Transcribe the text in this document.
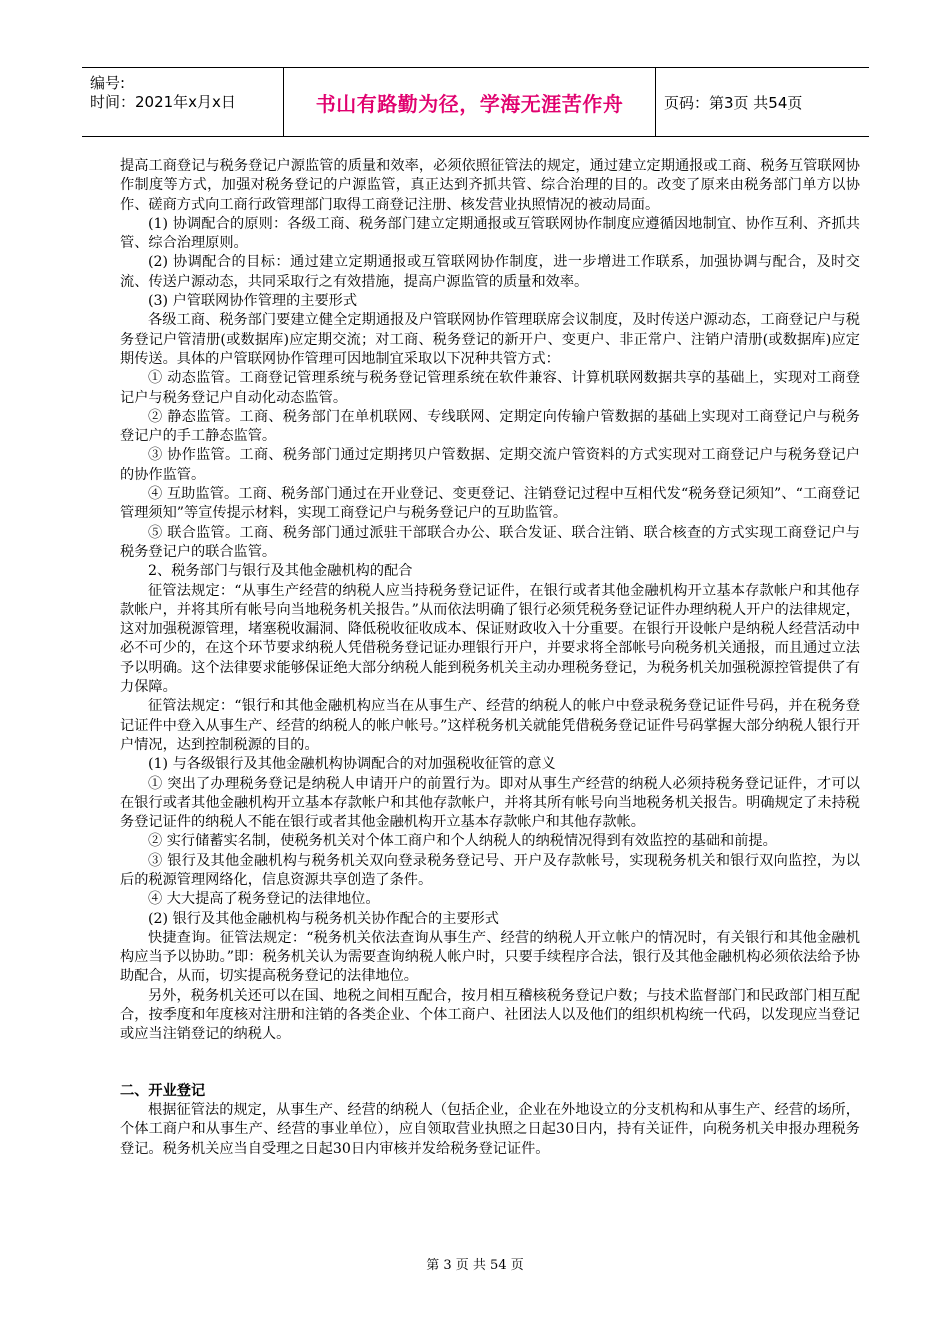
编号:
时间：2021年x月x日	书山有路勤为径，学海无涯苦作舟	页码：第3页 共54页

提高工商登记与税务登记户源监管的质量和效率，必须依照征管法的规定，通过建立定期通报或工商、税务互管联网协作制度等方式，加强对税务登记的户源监管，真正达到齐抓共管、综合治理的目的。改变了原来由税务部门单方以协作、磋商方式向工商行政管理部门取得工商登记注册、核发营业执照情况的被动局面。

(1) 协调配合的原则：各级工商、税务部门建立定期通报或互管联网协作制度应遵循因地制宜、协作互利、齐抓共管、综合治理原则。

(2) 协调配合的目标：通过建立定期通报或互管联网协作制度，进一步增进工作联系，加强协调与配合，及时交流、传送户源动态，共同采取行之有效措施，提高户源监管的质量和效率。

(3) 户管联网协作管理的主要形式

各级工商、税务部门要建立健全定期通报及户管联网协作管理联席会议制度，及时传送户源动态，工商登记户与税务登记户管清册(或数据库)应定期交流；对工商、税务登记的新开户、变更户、非正常户、注销户清册(或数据库)应定期传送。具体的户管联网协作管理可因地制宜采取以下况种共管方式：

① 动态监管。工商登记管理系统与税务登记管理系统在软件兼容、计算机联网数据共享的基础上，实现对工商登记户与税务登记户自动化动态监管。

② 静态监管。工商、税务部门在单机联网、专线联网、定期定向传输户管数据的基础上实现对工商登记户与税务登记户的手工静态监管。

③ 协作监管。工商、税务部门通过定期拷贝户管数据、定期交流户管资料的方式实现对工商登记户与税务登记户的协作监管。

④ 互助监管。工商、税务部门通过在开业登记、变更登记、注销登记过程中互相代发“税务登记须知”、“工商登记管理须知”等宣传提示材料，实现工商登记户与税务登记户的互助监管。

⑤ 联合监管。工商、税务部门通过派驻干部联合办公、联合发证、联合注销、联合核查的方式实现工商登记户与税务登记户的联合监管。

2、税务部门与银行及其他金融机构的配合

征管法规定：“从事生产经营的纳税人应当持税务登记证件，在银行或者其他金融机构开立基本存款帐户和其他存款帐户，并将其所有帐号向当地税务机关报告。”从而依法明确了银行必须凭税务登记证件办理纳税人开户的法律规定，这对加强税源管理，堵塞税收漏洞、降低税收征收成本、保证财政收入十分重要。在银行开设帐户是纳税人经营活动中必不可少的，在这个环节要求纳税人凭借税务登记证办理银行开户，并要求将全部帐号向税务机关通报，而且通过立法予以明确。这个法律要求能够保证绝大部分纳税人能到税务机关主动办理税务登记，为税务机关加强税源控管提供了有力保障。

征管法规定：“银行和其他金融机构应当在从事生产、经营的纳税人的帐户中登录税务登记证件号码，并在税务登记证件中登入从事生产、经营的纳税人的帐户帐号。”这样税务机关就能凭借税务登记证件号码掌握大部分纳税人银行开户情况，达到控制税源的目的。

(1) 与各级银行及其他金融机构协调配合的对加强税收征管的意义

① 突出了办理税务登记是纳税人申请开户的前置行为。即对从事生产经营的纳税人必须持税务登记证件，才可以在银行或者其他金融机构开立基本存款帐户和其他存款帐户，并将其所有帐号向当地税务机关报告。明确规定了未持税务登记证件的纳税人不能在银行或者其他金融机构开立基本存款帐户和其他存款帐。

② 实行储蓄实名制，使税务机关对个体工商户和个人纳税人的纳税情况得到有效监控的基础和前提。

③ 银行及其他金融机构与税务机关双向登录税务登记号、开户及存款帐号，实现税务机关和银行双向监控，为以后的税源管理网络化，信息资源共享创造了条件。

④ 大大提高了税务登记的法律地位。

(2) 银行及其他金融机构与税务机关协作配合的主要形式

快捷查询。征管法规定：“税务机关依法查询从事生产、经营的纳税人开立帐户的情况时，有关银行和其他金融机构应当予以协助。”即：税务机关认为需要查询纳税人帐户时，只要手续程序合法，银行及其他金融机构必须依法给予协助配合，从而，切实提高税务登记的法律地位。

另外，税务机关还可以在国、地税之间相互配合，按月相互稽核税务登记户数；与技术监督部门和民政部门相互配合，按季度和年度核对注册和注销的各类企业、个体工商户、社团法人以及他们的组织机构统一代码，以发现应当登记或应当注销登记的纳税人。

二、开业登记

根据征管法的规定，从事生产、经营的纳税人（包括企业，企业在外地设立的分支机构和从事生产、经营的场所，个体工商户和从事生产、经营的事业单位），应自领取营业执照之日起30日内，持有关证件，向税务机关申报办理税务登记。税务机关应当自受理之日起30日内审核并发给税务登记证件。

第 3 页 共 54 页
